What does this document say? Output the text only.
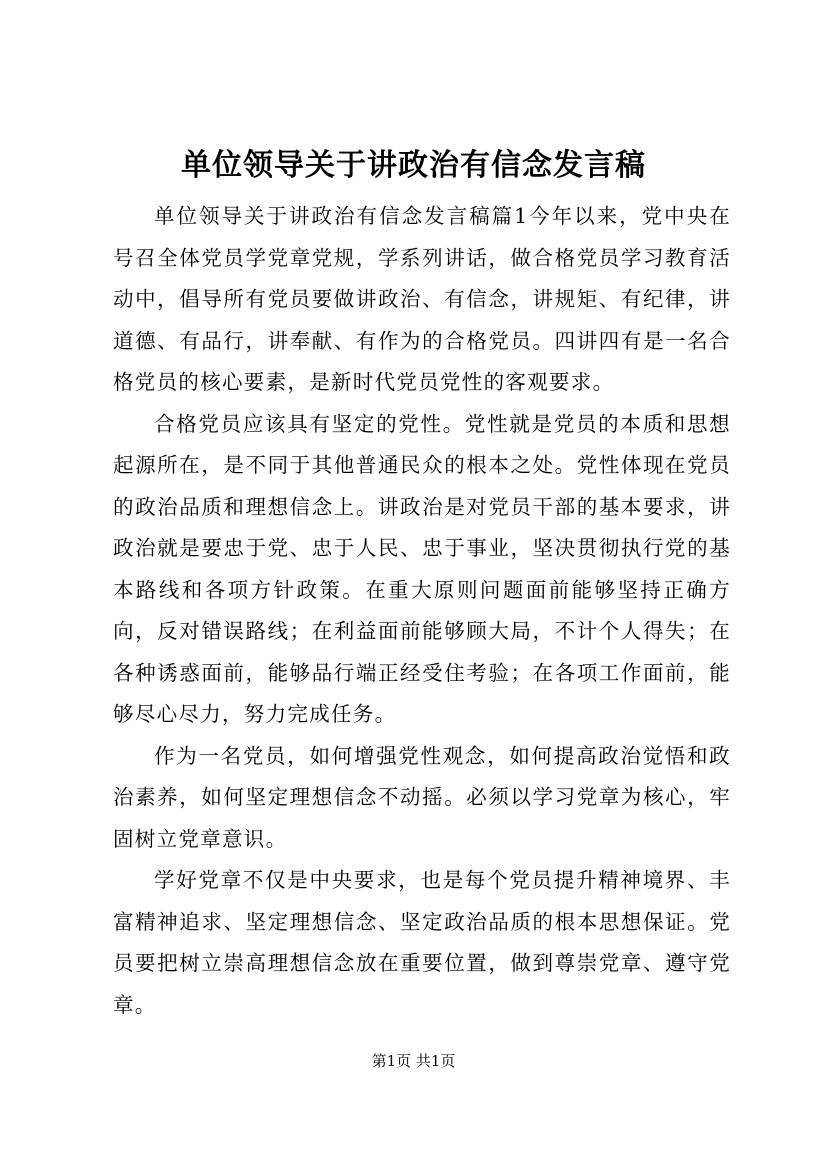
单位领导关于讲政治有信念发言稿

单位领导关于讲政治有信念发言稿篇1今年以来，党中央在号召全体党员学党章党规，学系列讲话，做合格党员学习教育活动中，倡导所有党员要做讲政治、有信念，讲规矩、有纪律，讲道德、有品行，讲奉献、有作为的合格党员。四讲四有是一名合格党员的核心要素，是新时代党员党性的客观要求。

合格党员应该具有坚定的党性。党性就是党员的本质和思想起源所在，是不同于其他普通民众的根本之处。党性体现在党员的政治品质和理想信念上。讲政治是对党员干部的基本要求，讲政治就是要忠于党、忠于人民、忠于事业，坚决贯彻执行党的基本路线和各项方针政策。在重大原则问题面前能够坚持正确方向，反对错误路线；在利益面前能够顾大局，不计个人得失；在各种诱惑面前，能够品行端正经受住考验；在各项工作面前，能够尽心尽力，努力完成任务。

作为一名党员，如何增强党性观念，如何提高政治觉悟和政治素养，如何坚定理想信念不动摇。必须以学习党章为核心，牢固树立党章意识。

学好党章不仅是中央要求，也是每个党员提升精神境界、丰富精神追求、坚定理想信念、坚定政治品质的根本思想保证。党员要把树立崇高理想信念放在重要位置，做到尊崇党章、遵守党章。

第1页 共1页
